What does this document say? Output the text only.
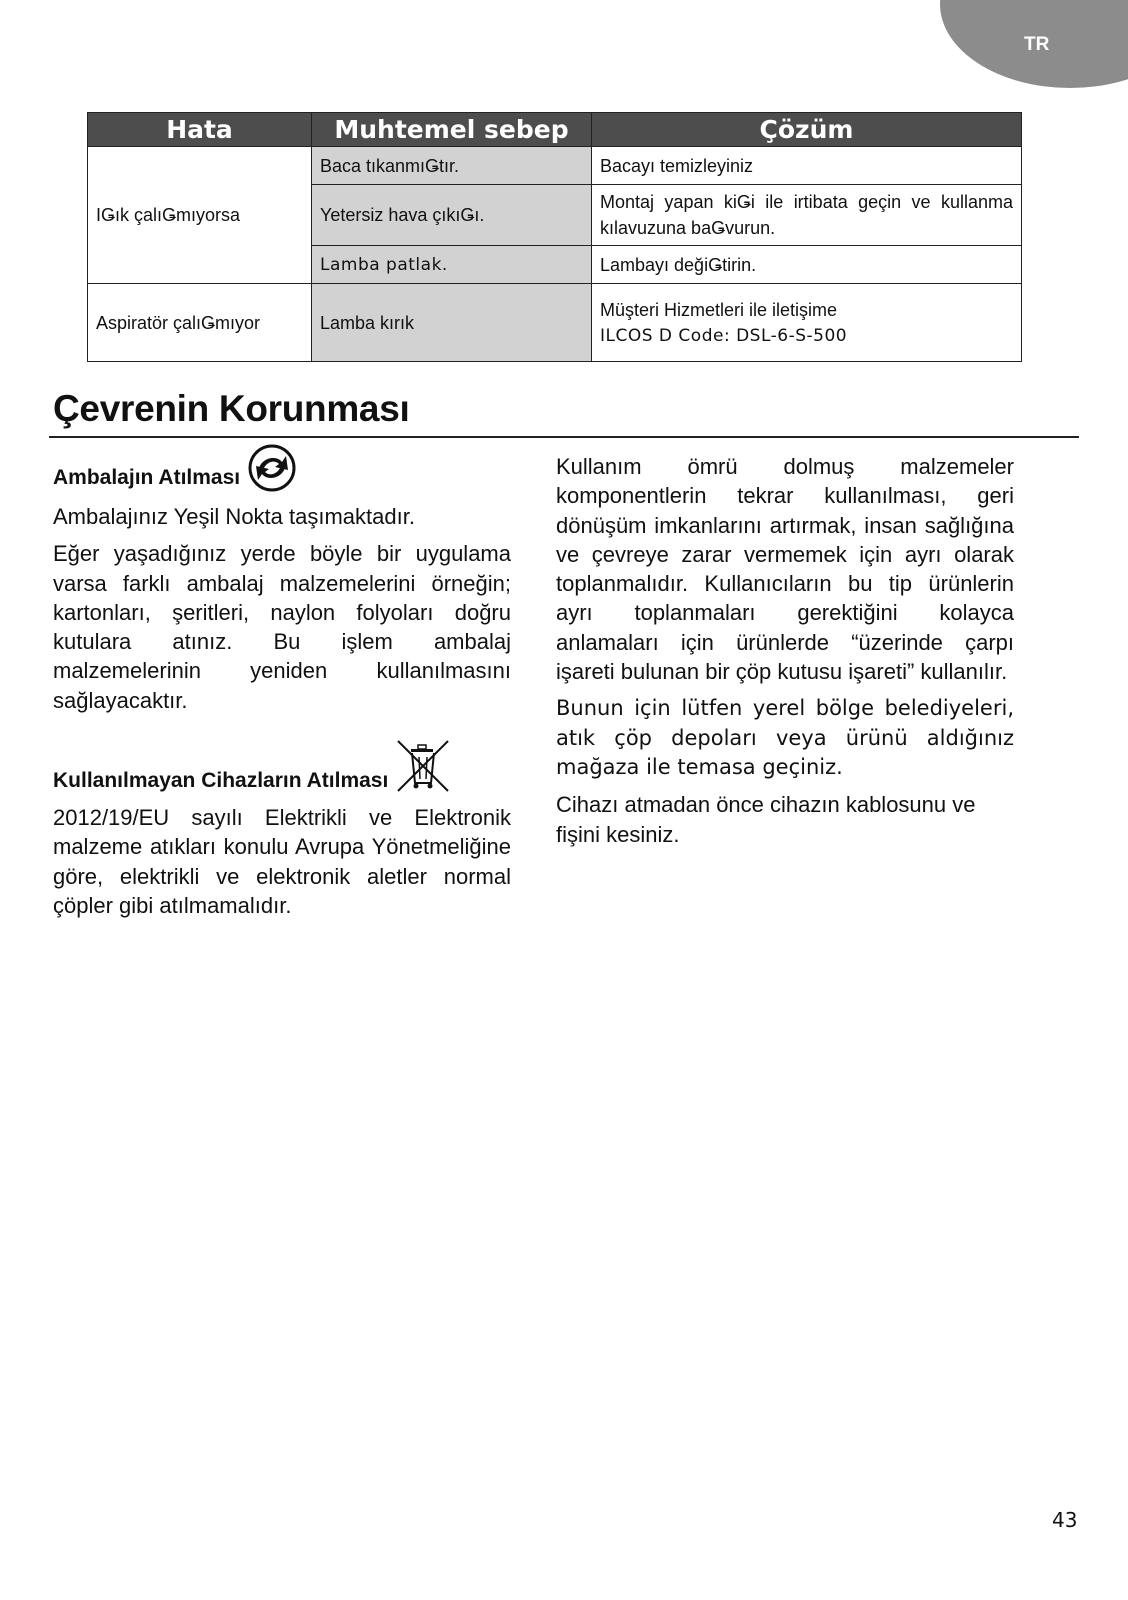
TR
Hata	Muhtemel sebep	Çözüm
IǤık çalıǤmıyorsa	Baca tıkanmıǤtır.	Bacayı temizleyiniz
	Yetersiz hava çıkıǤı.	Montaj yapan kiǤi ile irtibata geçin ve kullanma kılavuzuna baǤvurun.
	Lamba patlak.	Lambayı değiǤtirin.
Aspiratör çalıǤmıyor	Lamba kırık	Müşteri Hizmetleri ile iletişime
ILCOS D Code: DSL-6-S-500
Çevrenin Korunması
Ambalajın Atılması

Ambalajınız Yeşil Nokta taşımaktadır.

Eğer yaşadığınız yerde böyle bir uygulama varsa farklı ambalaj malzemelerini örneğin; kartonları, şeritleri, naylon folyoları doğru kutulara atınız. Bu işlem ambalaj malzemelerinin yeniden kullanılmasını sağlayacaktır.

Kullanılmayan Cihazların Atılması

2012/19/EU sayılı Elektrikli ve Elektronik malzeme atıkları konulu Avrupa Yönetmeliğine göre, elektrikli ve elektronik aletler normal çöpler gibi atılmamalıdır.

Kullanım ömrü dolmuş malzemeler komponentlerin tekrar kullanılması, geri dönüşüm imkanlarını artırmak, insan sağlığına ve çevreye zarar vermemek için ayrı olarak toplanmalıdır. Kullanıcıların bu tip ürünlerin ayrı toplanmaları gerektiğini kolayca anlamaları için ürünlerde “üzerinde çarpı işareti bulunan bir çöp kutusu işareti” kullanılır.

Bunun için lütfen yerel bölge belediyeleri, atık çöp depoları veya ürünü aldığınız mağaza ile temasa geçiniz.

Cihazı atmadan önce cihazın kablosunu ve fişini kesiniz.

43
